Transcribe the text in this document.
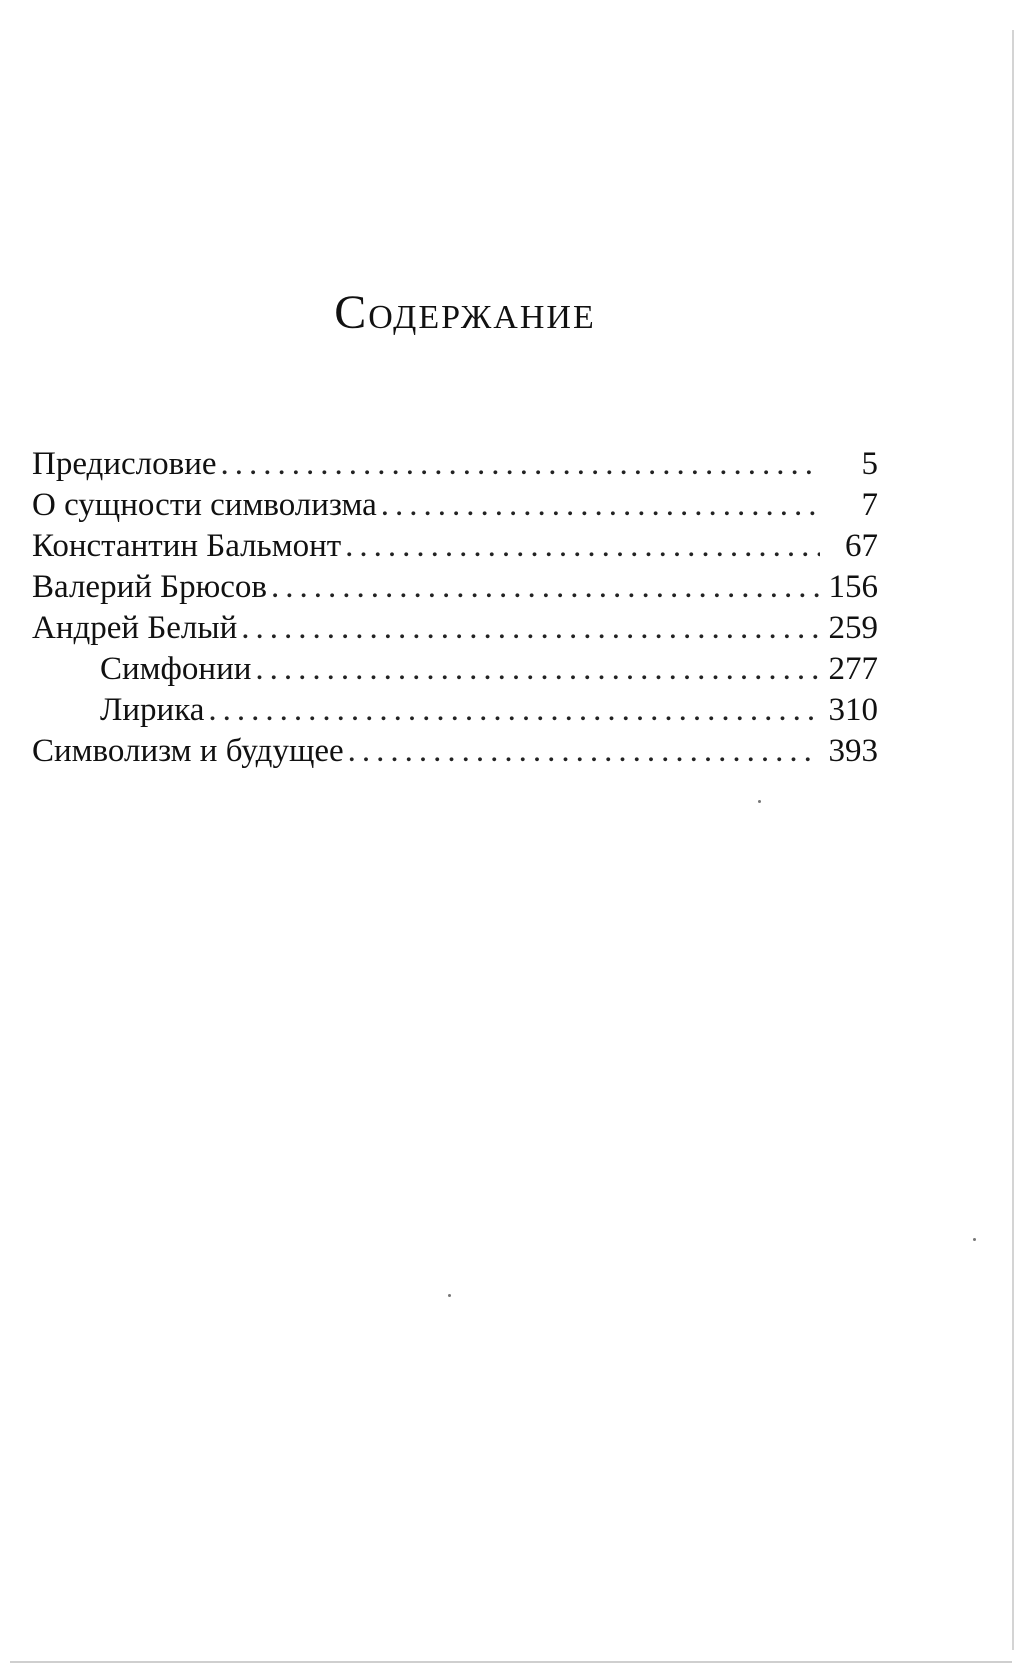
Содержание
Предисловие .....	5
О сущности символизма .....	7
Константин Бальмонт .....	67
Валерий Брюсов .....	156
Андрей Белый .....	259
Симфонии .....	277
Лирика .....	310
Символизм и будущее .....	393
